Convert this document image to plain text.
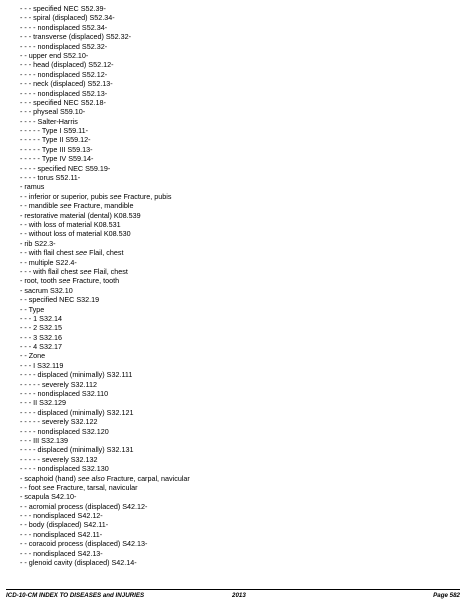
- - - specified NEC S52.39-
- - - spiral (displaced) S52.34-
- - - - nondisplaced S52.34-
- - - transverse (displaced) S52.32-
- - - - nondisplaced S52.32-
- - upper end S52.10-
- - - head (displaced) S52.12-
- - - - nondisplaced S52.12-
- - - neck (displaced) S52.13-
- - - - nondisplaced S52.13-
- - - specified NEC S52.18-
- - - physeal S59.10-
- - - - Salter-Harris
- - - - - Type I S59.11-
- - - - - Type II S59.12-
- - - - - Type III S59.13-
- - - - - Type IV S59.14-
- - - - specified NEC S59.19-
- - - - torus S52.11-
- ramus
- - inferior or superior, pubis see Fracture, pubis
- - mandible see Fracture, mandible
- restorative material (dental) K08.539
- - with loss of material K08.531
- - without loss of material K08.530
- rib S22.3-
- - with flail chest see Flail, chest
- - multiple S22.4-
- - - with flail chest see Flail, chest
- root, tooth see Fracture, tooth
- sacrum S32.10
- - specified NEC S32.19
- - Type
- - - 1 S32.14
- - - 2 S32.15
- - - 3 S32.16
- - - 4 S32.17
- - Zone
- - - I S32.119
- - - - displaced (minimally) S32.111
- - - - - severely S32.112
- - - - nondisplaced S32.110
- - - II S32.129
- - - - displaced (minimally) S32.121
- - - - - severely S32.122
- - - - nondisplaced S32.120
- - - III S32.139
- - - - displaced (minimally) S32.131
- - - - - severely S32.132
- - - - nondisplaced S32.130
- scaphoid (hand) see also Fracture, carpal, navicular
- - foot see Fracture, tarsal, navicular
- scapula S42.10-
- - acromial process (displaced) S42.12-
- - - nondisplaced S42.12-
- - body (displaced) S42.11-
- - - nondisplaced S42.11-
- - coracoid process (displaced) S42.13-
- - - nondisplaced S42.13-
- - glenoid cavity (displaced) S42.14-
ICD-10-CM INDEX TO DISEASES and INJURIES	2013	Page 582
